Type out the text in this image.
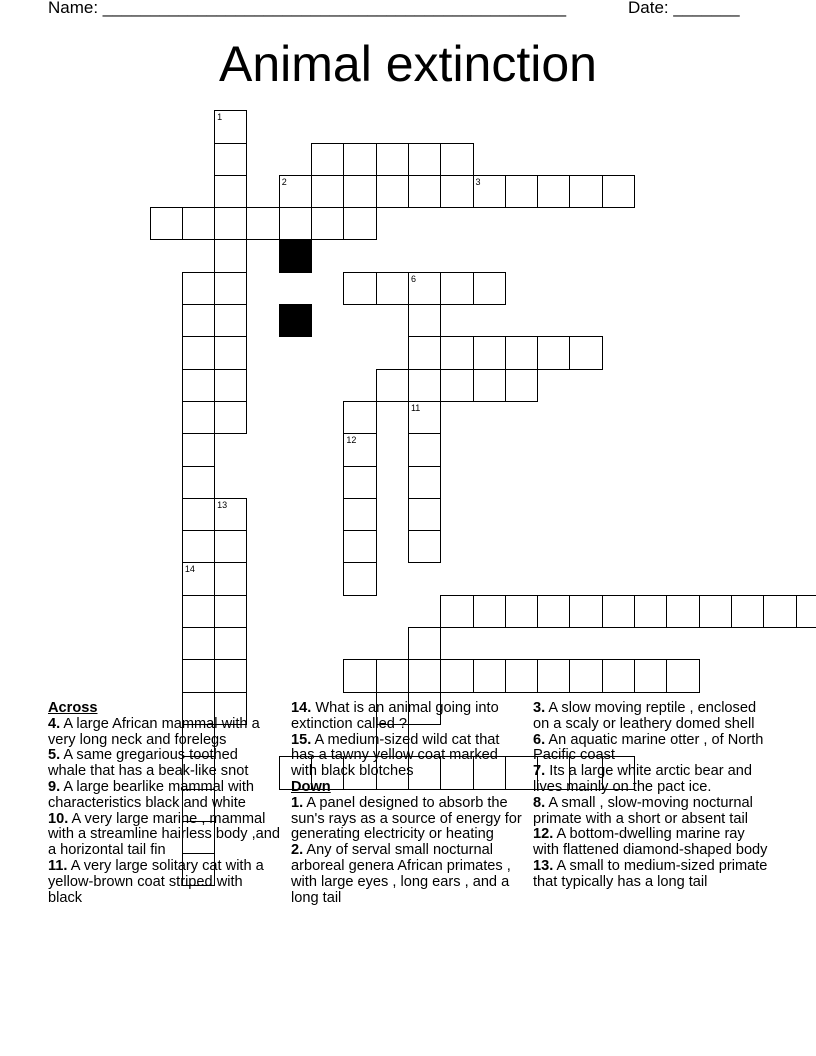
Name: _________________________________________________	Date: _______
Animal extinction
1
14
2	3
6
11
12
13
Across

4. A large African mammal with a very long neck and forelegs

5. A same gregarious toothed whale that has a beak-like snot

9. A large bearlike mammal with characteristics black and white

10. A very large marine , mammal with a streamline hairless body ,and a horizontal tail fin

11. A very large solitary cat with a yellow-brown coat striped with black

14. What is an animal going into extinction called ?

15. A medium-sized wild cat that has a tawny yellow coat marked with black blotches

Down

1. A panel designed to absorb the sun's rays as a source of energy for generating electricity or heating

2. Any of serval small nocturnal arboreal genera African primates , with large eyes , long ears , and a long tail

3. A slow moving reptile , enclosed on a scaly or leathery domed shell

6. An aquatic marine otter , of North Pacific coast

7. Its a large white arctic bear and lives mainly on the pact ice.

8. A small , slow-moving nocturnal primate with a short or absent tail

12. A bottom-dwelling marine ray with flattened diamond-shaped body

13. A small to medium-sized primate that typically has a long tail
